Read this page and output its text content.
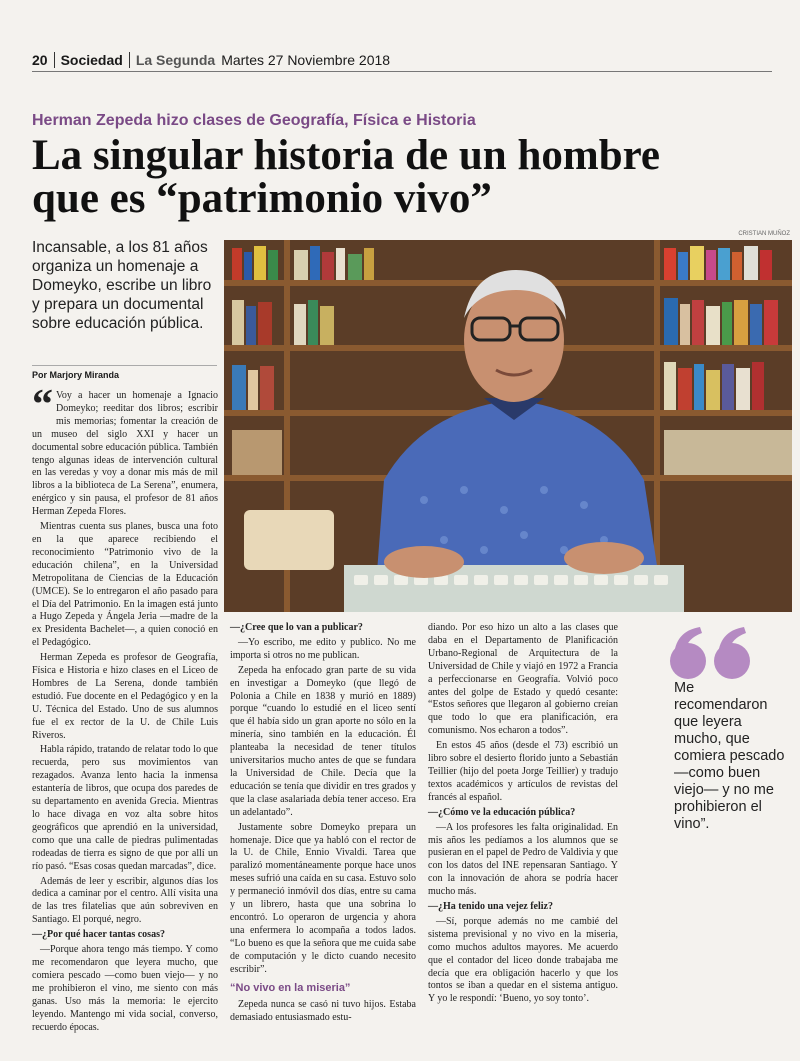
20 Sociedad La Segunda Martes 27 Noviembre 2018
Herman Zepeda hizo clases de Geografía, Física e Historia
La singular historia de un hombre
que es “patrimonio vivo”
Incansable, a los 81 años organiza un homenaje a Domeyko, escribe un libro y prepara un documental sobre educación pública.
CRISTIAN MUÑOZ
Por Marjory Miranda

“ Voy a hacer un homenaje a Ignacio Domeyko; reeditar dos libros; escribir mis memorias; fomentar la creación de un museo del siglo XXI y hacer un documental sobre educación pública. También tengo algunas ideas de intervención cultural en las veredas y voy a donar mis más de mil libros a la biblioteca de La Serena”, enumera, enérgico y sin pausa, el profesor de 81 años Herman Zepeda Flores.

Mientras cuenta sus planes, busca una foto en la que aparece recibiendo el reconocimiento “Patrimonio vivo de la educación chilena”, en la Universidad Metropolitana de Ciencias de la Educación (UMCE). Se lo entregaron el año pasado para el Día del Patrimonio. En la imagen está junto a Hugo Zepeda y Ángela Jeria —madre de la ex Presidenta Bachelet—, a quien conoció en el Pedagógico.

Herman Zepeda es profesor de Geografía, Física e Historia e hizo clases en el Liceo de Hombres de La Serena, donde también estudió. Fue docente en el Pedagógico y en la U. Técnica del Estado. Uno de sus alumnos fue el ex rector de la U. de Chile Luis Riveros.

Habla rápido, tratando de relatar todo lo que recuerda, pero sus movimientos van rezagados. Avanza lento hacia la inmensa estantería de libros, que ocupa dos paredes de su departamento en avenida Grecia. Mientras lo hace divaga en voz alta sobre hitos geográficos que aprendió en la universidad, como que una calle de piedras pulimentadas rodeadas de tierra es signo de que por allí un río pasó. “Esas cosas quedan marcadas”, dice.

Además de leer y escribir, algunos días los dedica a caminar por el centro. Allí visita una de las tres filatelias que aún sobreviven en Santiago. El porqué, negro.

—¿Por qué hacer tantas cosas?

—Porque ahora tengo más tiempo. Y como me recomendaron que leyera mucho, que comiera pescado —como buen viejo— y no me prohibieron el vino, me siento con más ganas. Uso más la memoria: le ejercito leyendo. Mantengo mi vida social, converso, recuerdo épocas.

—¿Cree que lo van a publicar?

—Yo escribo, me edito y publico. No me importa si otros no me publican.

Zepeda ha enfocado gran parte de su vida en investigar a Domeyko (que llegó de Polonia a Chile en 1838 y murió en 1889) porque “cuando lo estudié en el liceo sentí que él había sido un gran aporte no sólo en la minería, sino también en la educación. Él planteaba la necesidad de tener títulos universitarios mucho antes de que se fundara la Universidad de Chile. Decía que la educación se tenía que dividir en tres grados y que la clase asalariada debía tener acceso. Era un adelantado”.

Justamente sobre Domeyko prepara un homenaje. Dice que ya habló con el rector de la U. de Chile, Ennio Vivaldi. Tarea que paralizó momentáneamente porque hace unos meses sufrió una caída en su casa. Estuvo solo y permaneció inmóvil dos días, entre su cama y un librero, hasta que una sobrina lo encontró. Lo operaron de urgencia y ahora una enfermera lo acompaña a todos lados. “Lo bueno es que la señora que me cuida sabe de computación y le dicto cuando necesito escribir”.

“No vivo en la miseria”

Zepeda nunca se casó ni tuvo hijos. Estaba demasiado entusiasmado estu-

diando. Por eso hizo un alto a las clases que daba en el Departamento de Planificación Urbano-Regional de Arquitectura de la Universidad de Chile y viajó en 1972 a Francia a perfeccionarse en Geografía. Volvió poco antes del golpe de Estado y quedó cesante: “Estos señores que llegaron al gobierno creían que todo lo que era planificación, era comunismo. Nos echaron a todos”.

En estos 45 años (desde el 73) escribió un libro sobre el desierto florido junto a Sebastián Teillier (hijo del poeta Jorge Teillier) y tradujo textos académicos y artículos de revistas del francés al español.

—¿Cómo ve la educación pública?

—A los profesores les falta originalidad. En mis años les pedíamos a los alumnos que se pusieran en el papel de Pedro de Valdivia y que con los datos del INE repensaran Santiago. Y con la innovación de ahora se podría hacer mucho más.

—¿Ha tenido una vejez feliz?

—Sí, porque además no me cambié del sistema previsional y no vivo en la miseria, como muchos adultos mayores. Me acuerdo que el contador del liceo donde trabajaba me decía que era obligación hacerlo y que los tontos se iban a quedar en el sistema antiguo. Y yo le respondí: ‘Bueno, yo soy tonto’.

Me recomendaron que leyera mucho, que comiera pescado —como buen viejo— y no me prohibieron el vino”.
